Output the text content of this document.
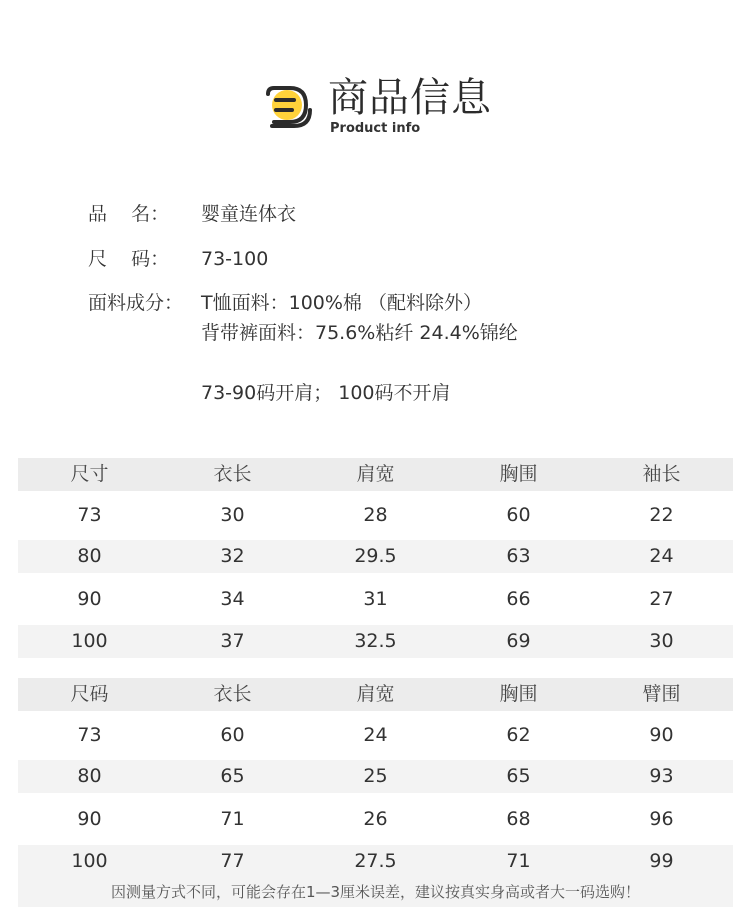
商品信息
Product info
品    名：	婴童连体衣
尺    码：	73-100
面料成分： T恤面料：100%棉 （配料除外）
背带裤面料：75.6%粘纤 24.4%锦纶
73-90码开肩； 100码不开肩
尺寸	衣长	肩宽	胸围	袖长
73	30	28	60	22
80	32	29.5	63	24
90	34	31	66	27
100	37	32.5	69	30
尺码	衣长	肩宽	胸围	臂围
73	60	24	62	90
80	65	25	65	93
90	71	26	68	96
100	77	27.5	71	99
因测量方式不同，可能会存在1—3厘米误差，建议按真实身高或者大一码选购！
